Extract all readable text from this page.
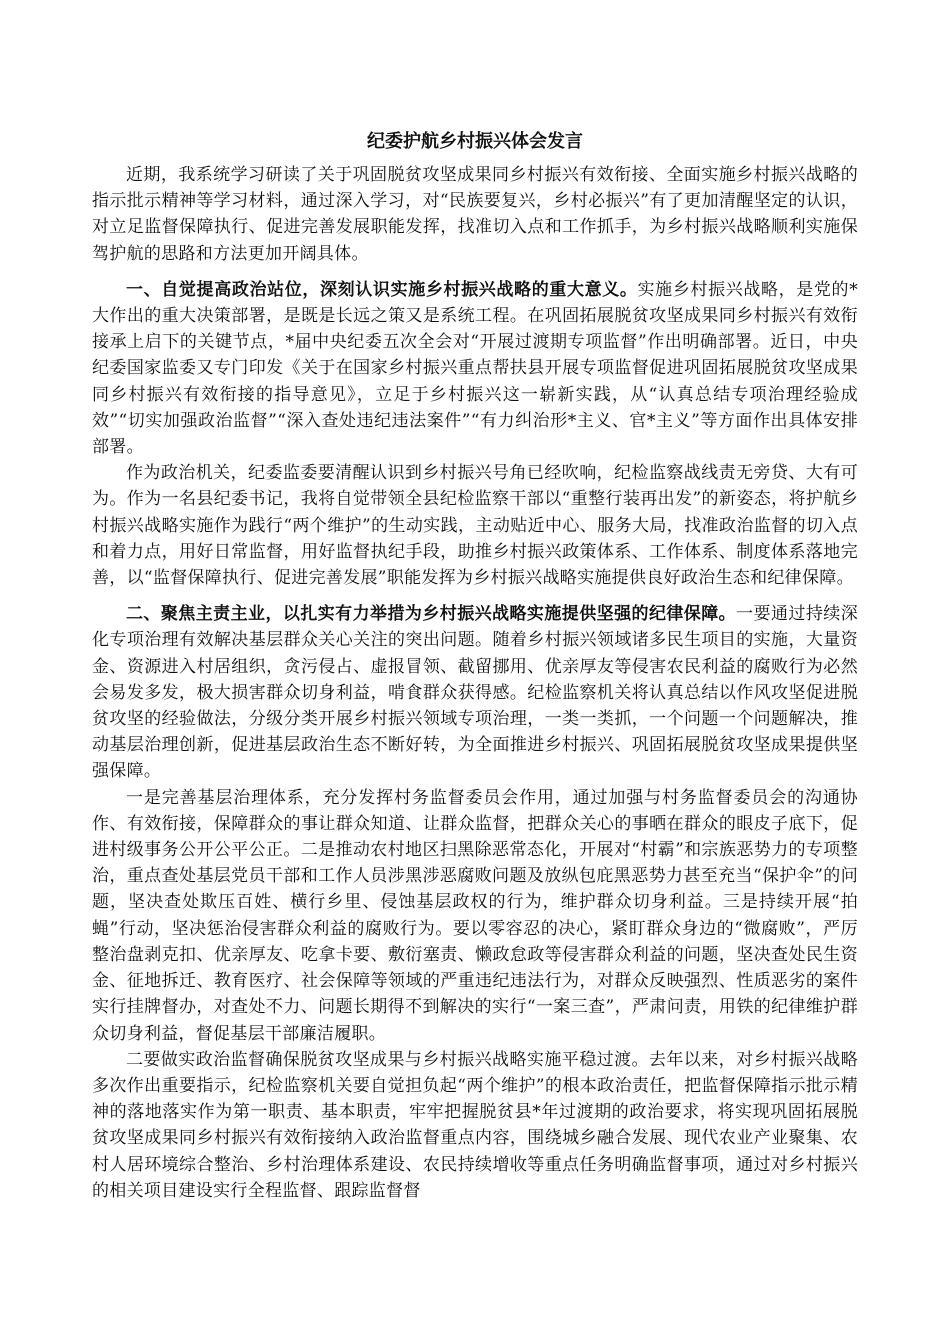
纪委护航乡村振兴体会发言

近期，我系统学习研读了关于巩固脱贫攻坚成果同乡村振兴有效衔接、全面实施乡村振兴战略的指示批示精神等学习材料，通过深入学习，对“民族要复兴，乡村必振兴”有了更加清醒坚定的认识，对立足监督保障执行、促进完善发展职能发挥，找准切入点和工作抓手，为乡村振兴战略顺利实施保驾护航的思路和方法更加开阔具体。

一、自觉提高政治站位，深刻认识实施乡村振兴战略的重大意义。实施乡村振兴战略，是党的*大作出的重大决策部署，是既是长远之策又是系统工程。在巩固拓展脱贫攻坚成果同乡村振兴有效衔接承上启下的关键节点，*届中央纪委五次全会对“开展过渡期专项监督”作出明确部署。近日，中央纪委国家监委又专门印发《关于在国家乡村振兴重点帮扶县开展专项监督促进巩固拓展脱贫攻坚成果同乡村振兴有效衔接的指导意见》，立足于乡村振兴这一崭新实践，从“认真总结专项治理经验成效”“切实加强政治监督”“深入查处违纪违法案件”“有力纠治形*主义、官*主义”等方面作出具体安排部署。

作为政治机关，纪委监委要清醒认识到乡村振兴号角已经吹响，纪检监察战线责无旁贷、大有可为。作为一名县纪委书记，我将自觉带领全县纪检监察干部以“重整行装再出发”的新姿态，将护航乡村振兴战略实施作为践行“两个维护”的生动实践，主动贴近中心、服务大局，找准政治监督的切入点和着力点，用好日常监督，用好监督执纪手段，助推乡村振兴政策体系、工作体系、制度体系落地完善，以“监督保障执行、促进完善发展”职能发挥为乡村振兴战略实施提供良好政治生态和纪律保障。

二、聚焦主责主业，以扎实有力举措为乡村振兴战略实施提供坚强的纪律保障。一要通过持续深化专项治理有效解决基层群众关心关注的突出问题。随着乡村振兴领域诸多民生项目的实施，大量资金、资源进入村居组织，贪污侵占、虚报冒领、截留挪用、优亲厚友等侵害农民利益的腐败行为必然会易发多发，极大损害群众切身利益，啃食群众获得感。纪检监察机关将认真总结以作风攻坚促进脱贫攻坚的经验做法，分级分类开展乡村振兴领域专项治理，一类一类抓，一个问题一个问题解决，推动基层治理创新，促进基层政治生态不断好转，为全面推进乡村振兴、巩固拓展脱贫攻坚成果提供坚强保障。

一是完善基层治理体系，充分发挥村务监督委员会作用，通过加强与村务监督委员会的沟通协作、有效衔接，保障群众的事让群众知道、让群众监督，把群众关心的事晒在群众的眼皮子底下，促进村级事务公开公平公正。二是推动农村地区扫黑除恶常态化，开展对“村霸”和宗族恶势力的专项整治，重点查处基层党员干部和工作人员涉黑涉恶腐败问题及放纵包庇黑恶势力甚至充当“保护伞”的问题，坚决查处欺压百姓、横行乡里、侵蚀基层政权的行为，维护群众切身利益。三是持续开展“拍蝇”行动，坚决惩治侵害群众利益的腐败行为。要以零容忍的决心，紧盯群众身边的“微腐败”，严厉整治盘剥克扣、优亲厚友、吃拿卡要、敷衍塞责、懒政怠政等侵害群众利益的问题，坚决查处民生资金、征地拆迁、教育医疗、社会保障等领域的严重违纪违法行为，对群众反映强烈、性质恶劣的案件实行挂牌督办，对查处不力、问题长期得不到解决的实行“一案三查”，严肃问责，用铁的纪律维护群众切身利益，督促基层干部廉洁履职。

二要做实政治监督确保脱贫攻坚成果与乡村振兴战略实施平稳过渡。去年以来，对乡村振兴战略多次作出重要指示，纪检监察机关要自觉担负起“两个维护”的根本政治责任，把监督保障指示批示精神的落地落实作为第一职责、基本职责，牢牢把握脱贫县*年过渡期的政治要求，将实现巩固拓展脱贫攻坚成果同乡村振兴有效衔接纳入政治监督重点内容，围绕城乡融合发展、现代农业产业聚集、农村人居环境综合整治、乡村治理体系建设、农民持续增收等重点任务明确监督事项，通过对乡村振兴的相关项目建设实行全程监督、跟踪监督督
